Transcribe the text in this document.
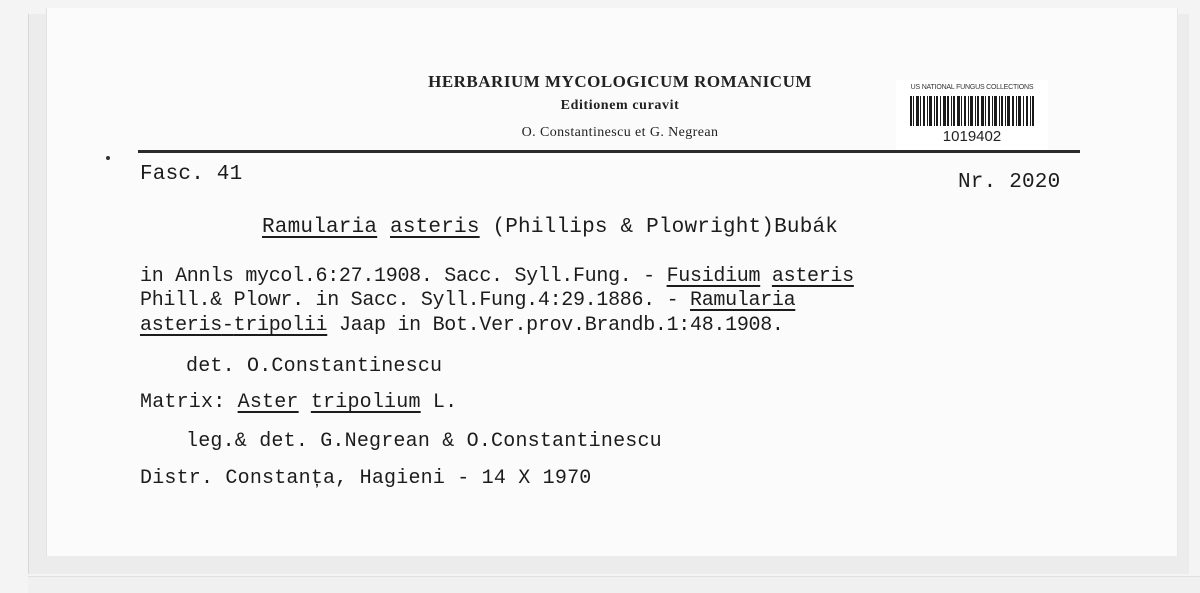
HERBARIUM MYCOLOGICUM ROMANICUM
Editionem curavit
O. Constantinescu et G. Negrean
US NATIONAL FUNGUS COLLECTIONS
1019402
Fasc. 41	Nr. 2020
Ramularia asteris (Phillips & Plowright)Bubák
in Annls mycol.6:27.1908. Sacc. Syll.Fung. - Fusidium asteris
Phill.& Plowr. in Sacc. Syll.Fung.4:29.1886. - Ramularia
asteris-tripolii Jaap in Bot.Ver.prov.Brandb.1:48.1908.
det. O.Constantinescu
Matrix: Aster tripolium L.
leg.& det. G.Negrean & O.Constantinescu
Distr. Constanța, Hagieni - 14 X 1970
